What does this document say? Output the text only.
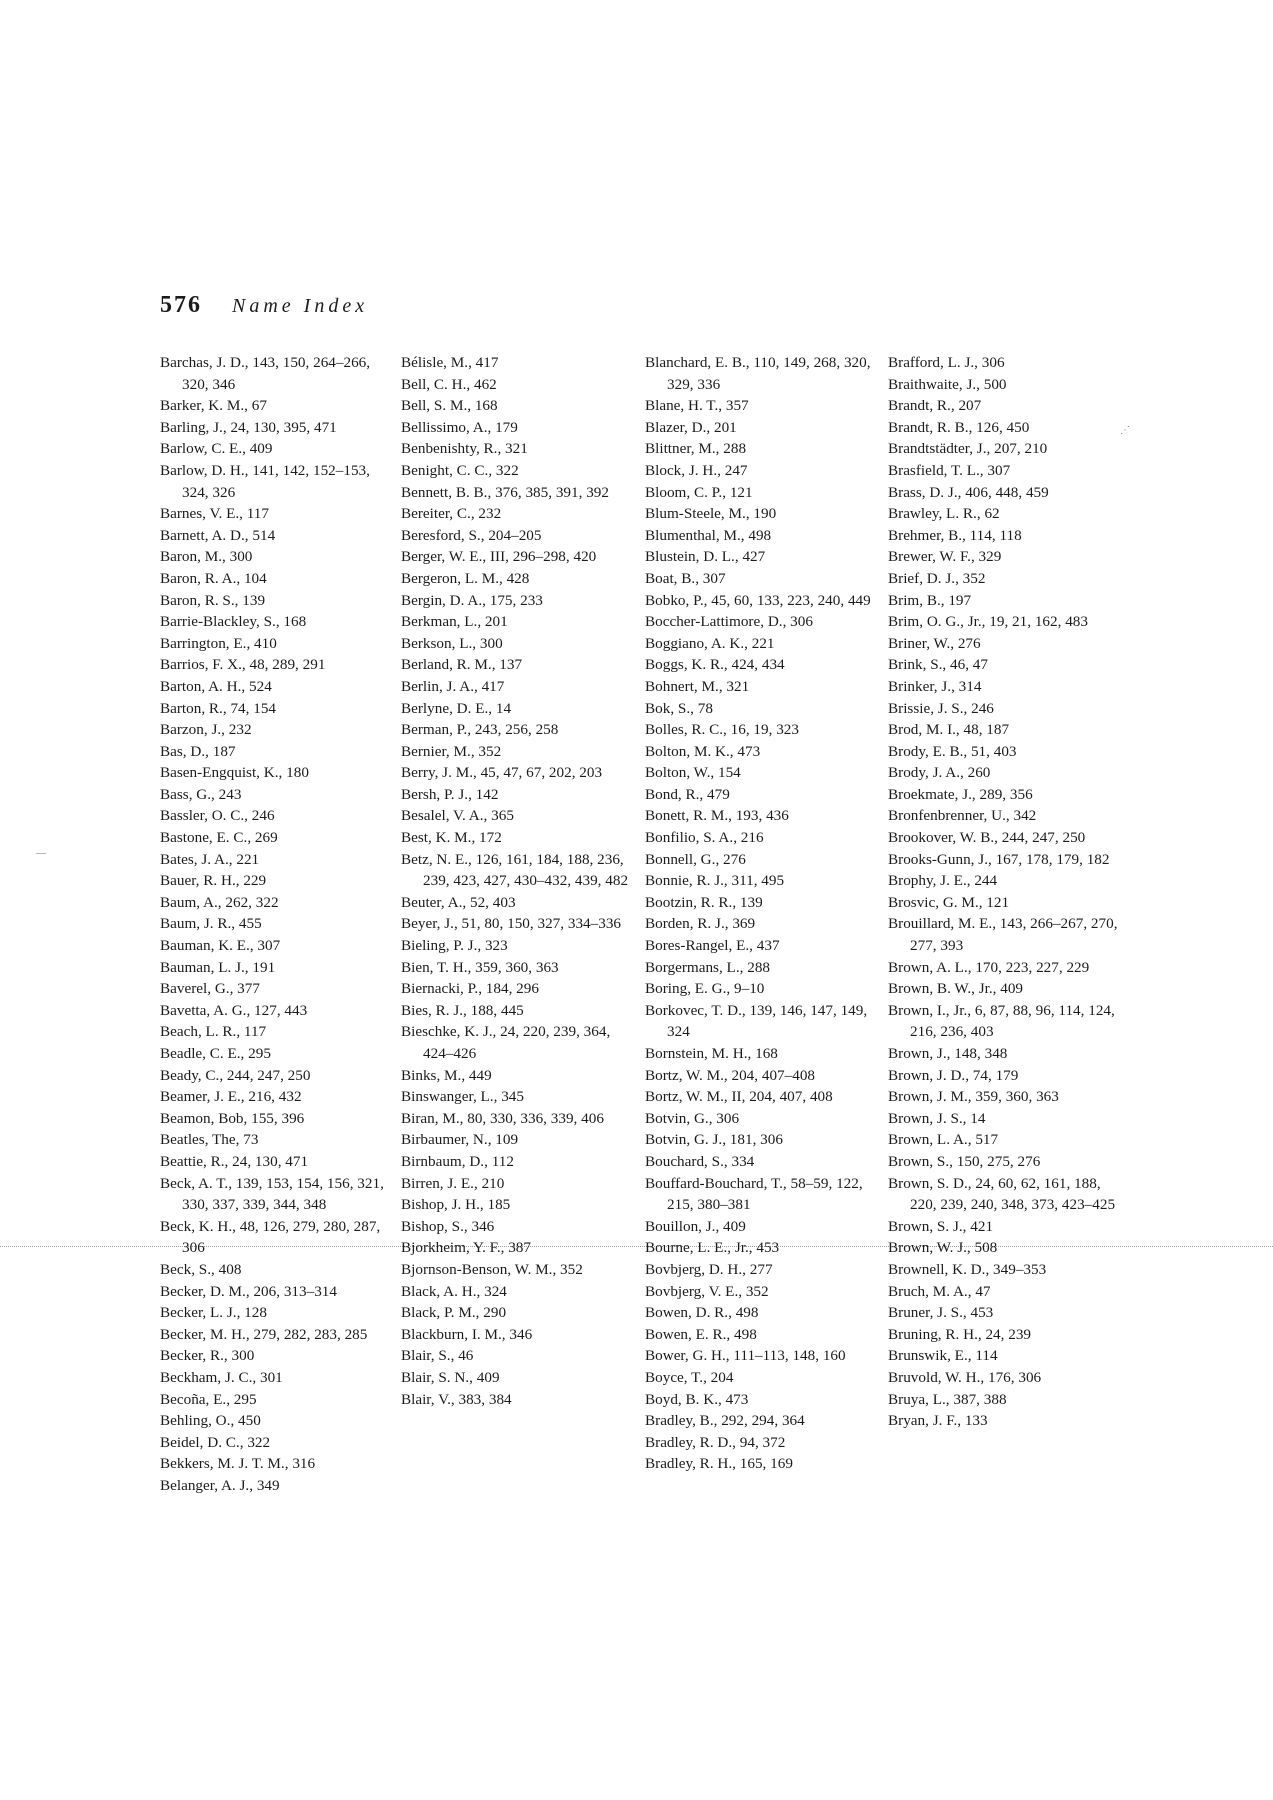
576 Name Index
—
⋰
Barchas, J. D., 143, 150, 264–266, 320, 346
Barker, K. M., 67
Barling, J., 24, 130, 395, 471
Barlow, C. E., 409
Barlow, D. H., 141, 142, 152–153, 324, 326
Barnes, V. E., 117
Barnett, A. D., 514
Baron, M., 300
Baron, R. A., 104
Baron, R. S., 139
Barrie-Blackley, S., 168
Barrington, E., 410
Barrios, F. X., 48, 289, 291
Barton, A. H., 524
Barton, R., 74, 154
Barzon, J., 232
Bas, D., 187
Basen-Engquist, K., 180
Bass, G., 243
Bassler, O. C., 246
Bastone, E. C., 269
Bates, J. A., 221
Bauer, R. H., 229
Baum, A., 262, 322
Baum, J. R., 455
Bauman, K. E., 307
Bauman, L. J., 191
Baverel, G., 377
Bavetta, A. G., 127, 443
Beach, L. R., 117
Beadle, C. E., 295
Beady, C., 244, 247, 250
Beamer, J. E., 216, 432
Beamon, Bob, 155, 396
Beatles, The, 73
Beattie, R., 24, 130, 471
Beck, A. T., 139, 153, 154, 156, 321, 330, 337, 339, 344, 348
Beck, K. H., 48, 126, 279, 280, 287, 306
Beck, S., 408
Becker, D. M., 206, 313–314
Becker, L. J., 128
Becker, M. H., 279, 282, 283, 285
Becker, R., 300
Beckham, J. C., 301
Becoña, E., 295
Behling, O., 450
Beidel, D. C., 322
Bekkers, M. J. T. M., 316
Belanger, A. J., 349
Bélisle, M., 417
Bell, C. H., 462
Bell, S. M., 168
Bellissimo, A., 179
Benbenishty, R., 321
Benight, C. C., 322
Bennett, B. B., 376, 385, 391, 392
Bereiter, C., 232
Beresford, S., 204–205
Berger, W. E., III, 296–298, 420
Bergeron, L. M., 428
Bergin, D. A., 175, 233
Berkman, L., 201
Berkson, L., 300
Berland, R. M., 137
Berlin, J. A., 417
Berlyne, D. E., 14
Berman, P., 243, 256, 258
Bernier, M., 352
Berry, J. M., 45, 47, 67, 202, 203
Bersh, P. J., 142
Besalel, V. A., 365
Best, K. M., 172
Betz, N. E., 126, 161, 184, 188, 236, 239, 423, 427, 430–432, 439, 482
Beuter, A., 52, 403
Beyer, J., 51, 80, 150, 327, 334–336
Bieling, P. J., 323
Bien, T. H., 359, 360, 363
Biernacki, P., 184, 296
Bies, R. J., 188, 445
Bieschke, K. J., 24, 220, 239, 364, 424–426
Binks, M., 449
Binswanger, L., 345
Biran, M., 80, 330, 336, 339, 406
Birbaumer, N., 109
Birnbaum, D., 112
Birren, J. E., 210
Bishop, J. H., 185
Bishop, S., 346
Bjorkheim, Y. F., 387
Bjornson-Benson, W. M., 352
Black, A. H., 324
Black, P. M., 290
Blackburn, I. M., 346
Blair, S., 46
Blair, S. N., 409
Blair, V., 383, 384
Blanchard, E. B., 110, 149, 268, 320, 329, 336
Blane, H. T., 357
Blazer, D., 201
Blittner, M., 288
Block, J. H., 247
Bloom, C. P., 121
Blum-Steele, M., 190
Blumenthal, M., 498
Blustein, D. L., 427
Boat, B., 307
Bobko, P., 45, 60, 133, 223, 240, 449
Boccher-Lattimore, D., 306
Boggiano, A. K., 221
Boggs, K. R., 424, 434
Bohnert, M., 321
Bok, S., 78
Bolles, R. C., 16, 19, 323
Bolton, M. K., 473
Bolton, W., 154
Bond, R., 479
Bonett, R. M., 193, 436
Bonfilio, S. A., 216
Bonnell, G., 276
Bonnie, R. J., 311, 495
Bootzin, R. R., 139
Borden, R. J., 369
Bores-Rangel, E., 437
Borgermans, L., 288
Boring, E. G., 9–10
Borkovec, T. D., 139, 146, 147, 149, 324
Bornstein, M. H., 168
Bortz, W. M., 204, 407–408
Bortz, W. M., II, 204, 407, 408
Botvin, G., 306
Botvin, G. J., 181, 306
Bouchard, S., 334
Bouffard-Bouchard, T., 58–59, 122, 215, 380–381
Bouillon, J., 409
Bourne, L. E., Jr., 453
Bovbjerg, D. H., 277
Bovbjerg, V. E., 352
Bowen, D. R., 498
Bowen, E. R., 498
Bower, G. H., 111–113, 148, 160
Boyce, T., 204
Boyd, B. K., 473
Bradley, B., 292, 294, 364
Bradley, R. D., 94, 372
Bradley, R. H., 165, 169
Brafford, L. J., 306
Braithwaite, J., 500
Brandt, R., 207
Brandt, R. B., 126, 450
Brandtstädter, J., 207, 210
Brasfield, T. L., 307
Brass, D. J., 406, 448, 459
Brawley, L. R., 62
Brehmer, B., 114, 118
Brewer, W. F., 329
Brief, D. J., 352
Brim, B., 197
Brim, O. G., Jr., 19, 21, 162, 483
Briner, W., 276
Brink, S., 46, 47
Brinker, J., 314
Brissie, J. S., 246
Brod, M. I., 48, 187
Brody, E. B., 51, 403
Brody, J. A., 260
Broekmate, J., 289, 356
Bronfenbrenner, U., 342
Brookover, W. B., 244, 247, 250
Brooks-Gunn, J., 167, 178, 179, 182
Brophy, J. E., 244
Brosvic, G. M., 121
Brouillard, M. E., 143, 266–267, 270, 277, 393
Brown, A. L., 170, 223, 227, 229
Brown, B. W., Jr., 409
Brown, I., Jr., 6, 87, 88, 96, 114, 124, 216, 236, 403
Brown, J., 148, 348
Brown, J. D., 74, 179
Brown, J. M., 359, 360, 363
Brown, J. S., 14
Brown, L. A., 517
Brown, S., 150, 275, 276
Brown, S. D., 24, 60, 62, 161, 188, 220, 239, 240, 348, 373, 423–425
Brown, S. J., 421
Brown, W. J., 508
Brownell, K. D., 349–353
Bruch, M. A., 47
Bruner, J. S., 453
Bruning, R. H., 24, 239
Brunswik, E., 114
Bruvold, W. H., 176, 306
Bruya, L., 387, 388
Bryan, J. F., 133
